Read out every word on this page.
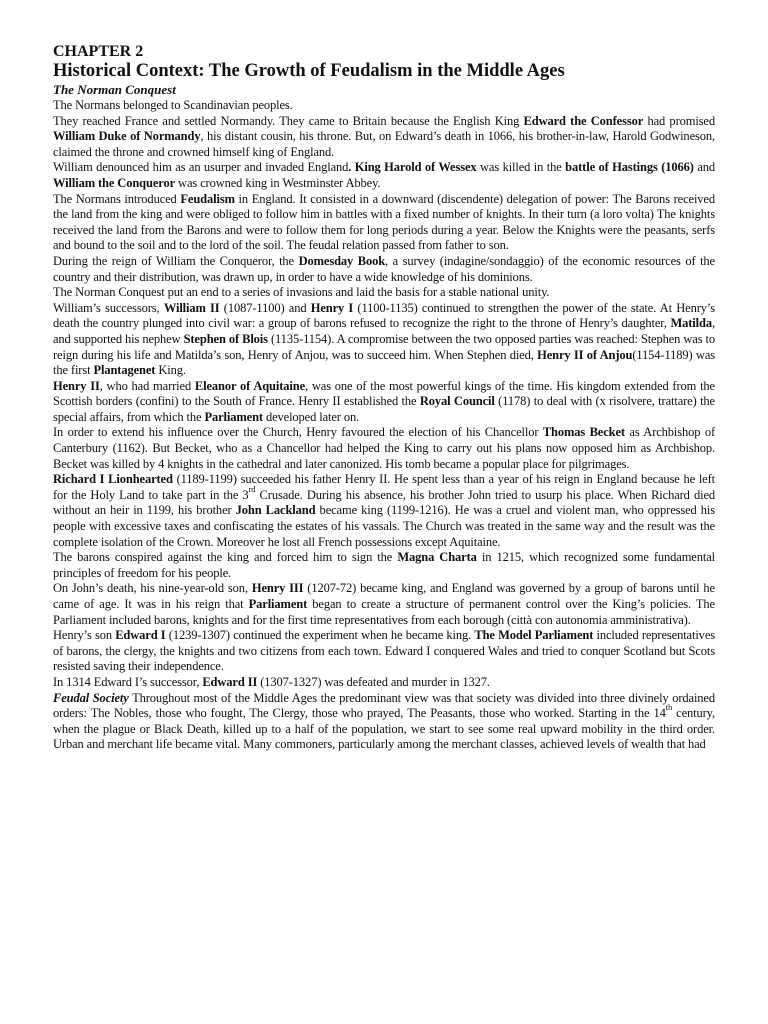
CHAPTER 2
Historical Context: The Growth of Feudalism in the Middle Ages
The Norman Conquest

The Normans belonged to Scandinavian peoples.

They reached France and settled Normandy. They came to Britain because the English King Edward the Confessor had promised William Duke of Normandy, his distant cousin, his throne. But, on Edward’s death in 1066, his brother-in-law, Harold Godwineson, claimed the throne and crowned himself king of England.

William denounced him as an usurper and invaded England. King Harold of Wessex was killed in the battle of Hastings (1066) and William the Conqueror was crowned king in Westminster Abbey.

The Normans introduced Feudalism in England. It consisted in a downward (discendente) delegation of power: The Barons received the land from the king and were obliged to follow him in battles with a fixed number of knights. In their turn (a loro volta) The knights received the land from the Barons and were to follow them for long periods during a year. Below the Knights were the peasants, serfs and bound to the soil and to the lord of the soil. The feudal relation passed from father to son.

During the reign of William the Conqueror, the Domesday Book, a survey (indagine/sondaggio) of the economic resources of the country and their distribution, was drawn up, in order to have a wide knowledge of his dominions.

The Norman Conquest put an end to a series of invasions and laid the basis for a stable national unity.

William’s successors, William II (1087-1100) and Henry I (1100-1135) continued to strengthen the power of the state. At Henry’s death the country plunged into civil war: a group of barons refused to recognize the right to the throne of Henry’s daughter, Matilda, and supported his nephew Stephen of Blois (1135-1154). A compromise between the two opposed parties was reached: Stephen was to reign during his life and Matilda’s son, Henry of Anjou, was to succeed him. When Stephen died, Henry II of Anjou(1154-1189) was the first Plantagenet King.

Henry II, who had married Eleanor of Aquitaine, was one of the most powerful kings of the time. His kingdom extended from the Scottish borders (confini) to the South of France. Henry II established the Royal Council (1178) to deal with (x risolvere, trattare) the special affairs, from which the Parliament developed later on.

In order to extend his influence over the Church, Henry favoured the election of his Chancellor Thomas Becket as Archbishop of Canterbury (1162). But Becket, who as a Chancellor had helped the King to carry out his plans now opposed him as Archbishop. Becket was killed by 4 knights in the cathedral and later canonized. His tomb became a popular place for pilgrimages.

Richard I Lionhearted (1189-1199) succeeded his father Henry II. He spent less than a year of his reign in England because he left for the Holy Land to take part in the 3rd Crusade. During his absence, his brother John tried to usurp his place. When Richard died without an heir in 1199, his brother John Lackland became king (1199-1216). He was a cruel and violent man, who oppressed his people with excessive taxes and confiscating the estates of his vassals. The Church was treated in the same way and the result was the complete isolation of the Crown. Moreover he lost all French possessions except Aquitaine.

The barons conspired against the king and forced him to sign the Magna Charta in 1215, which recognized some fundamental principles of freedom for his people.

On John’s death, his nine-year-old son, Henry III (1207-72) became king, and England was governed by a group of barons until he came of age. It was in his reign that Parliament began to create a structure of permanent control over the King’s policies. The Parliament included barons, knights and for the first time representatives from each borough (città con autonomia amministrativa).

Henry’s son Edward I (1239-1307) continued the experiment when he became king. The Model Parliament included representatives of barons, the clergy, the knights and two citizens from each town. Edward I conquered Wales and tried to conquer Scotland but Scots resisted saving their independence.

In 1314 Edward I’s successor, Edward II (1307-1327) was defeated and murder in 1327.

Feudal Society Throughout most of the Middle Ages the predominant view was that society was divided into three divinely ordained orders: The Nobles, those who fought, The Clergy, those who prayed, The Peasants, those who worked. Starting in the 14th century, when the plague or Black Death, killed up to a half of the population, we start to see some real upward mobility in the third order. Urban and merchant life became vital. Many commoners, particularly among the merchant classes, achieved levels of wealth that had
